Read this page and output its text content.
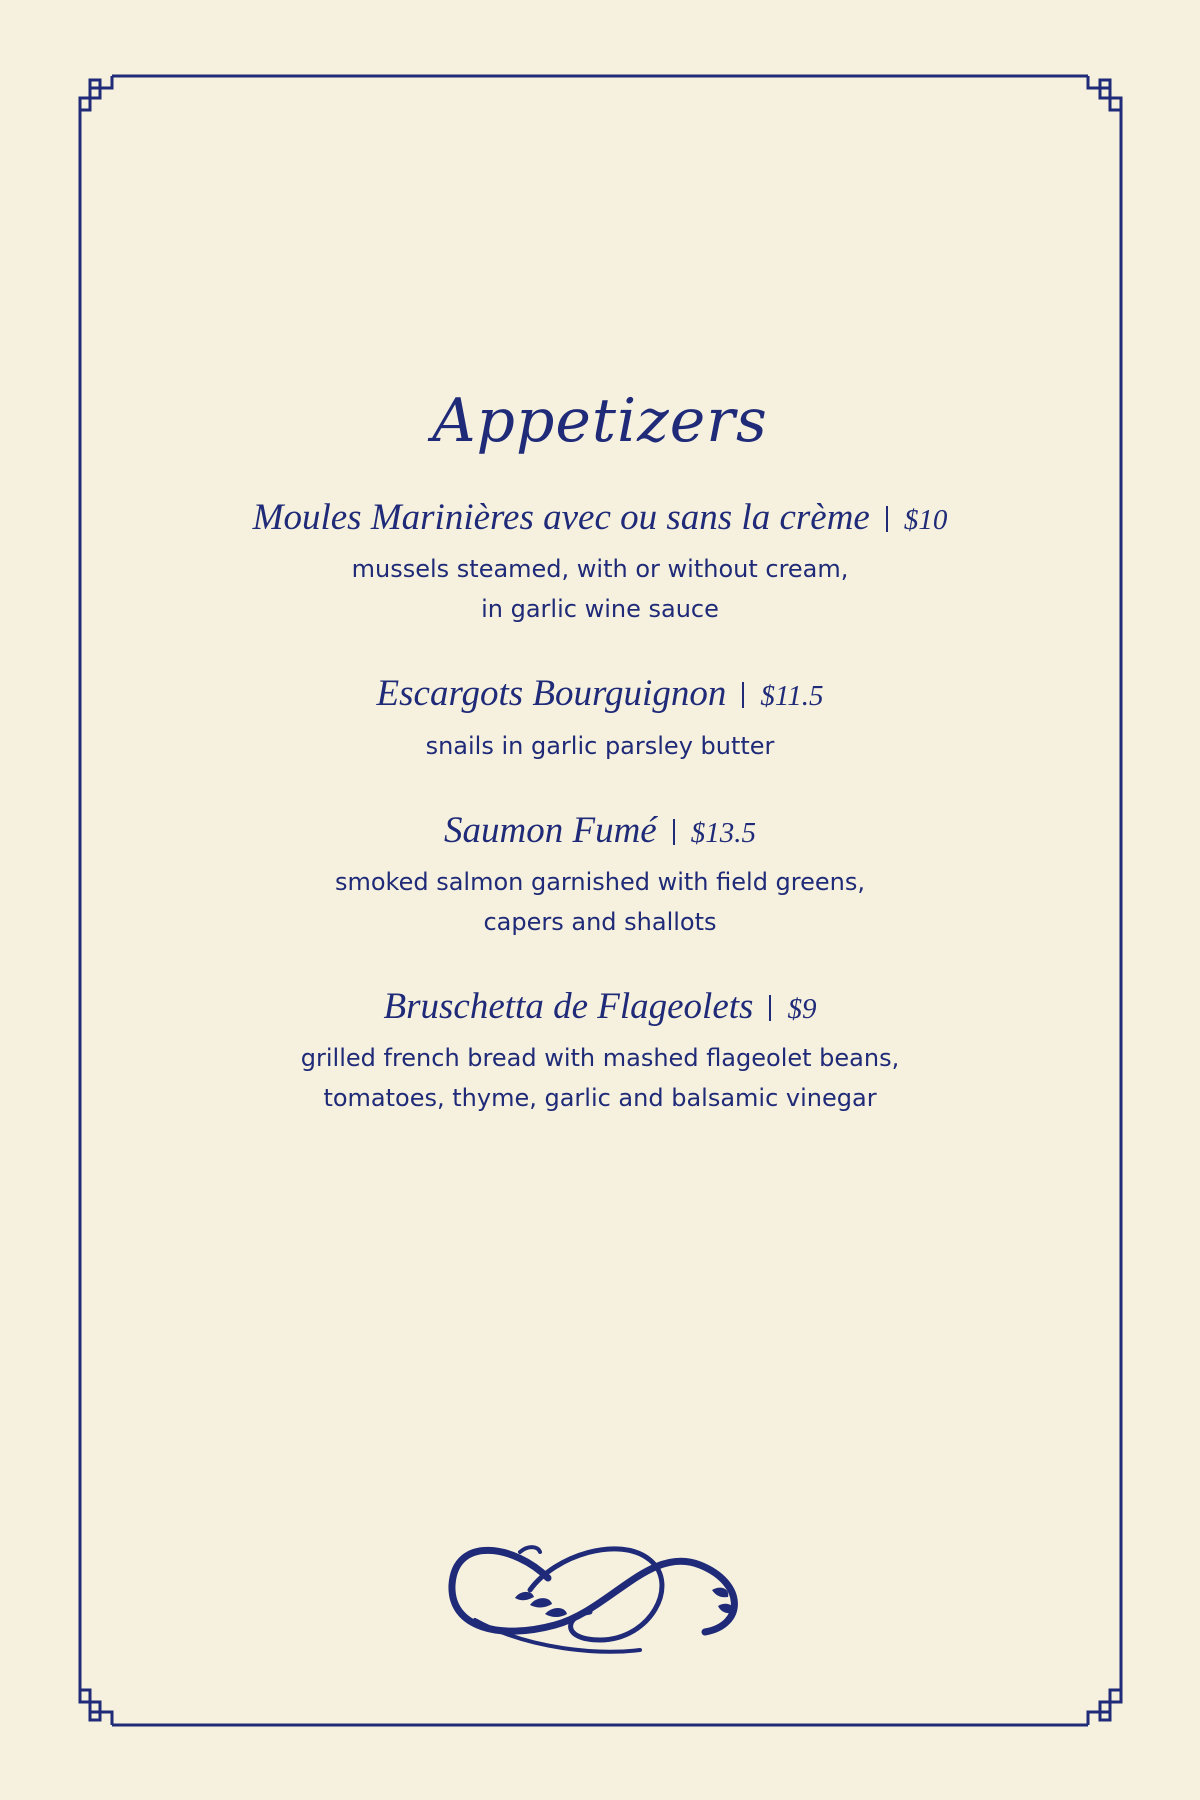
Appetizers
Moules Marinières avec ou sans la crème $10
mussels steamed, with or without cream,
in garlic wine sauce
Escargots Bourguignon $11.5
snails in garlic parsley butter
Saumon Fumé $13.5
smoked salmon garnished with field greens,
capers and shallots
Bruschetta de Flageolets $9
grilled french bread with mashed flageolet beans,
tomatoes, thyme, garlic and balsamic vinegar
